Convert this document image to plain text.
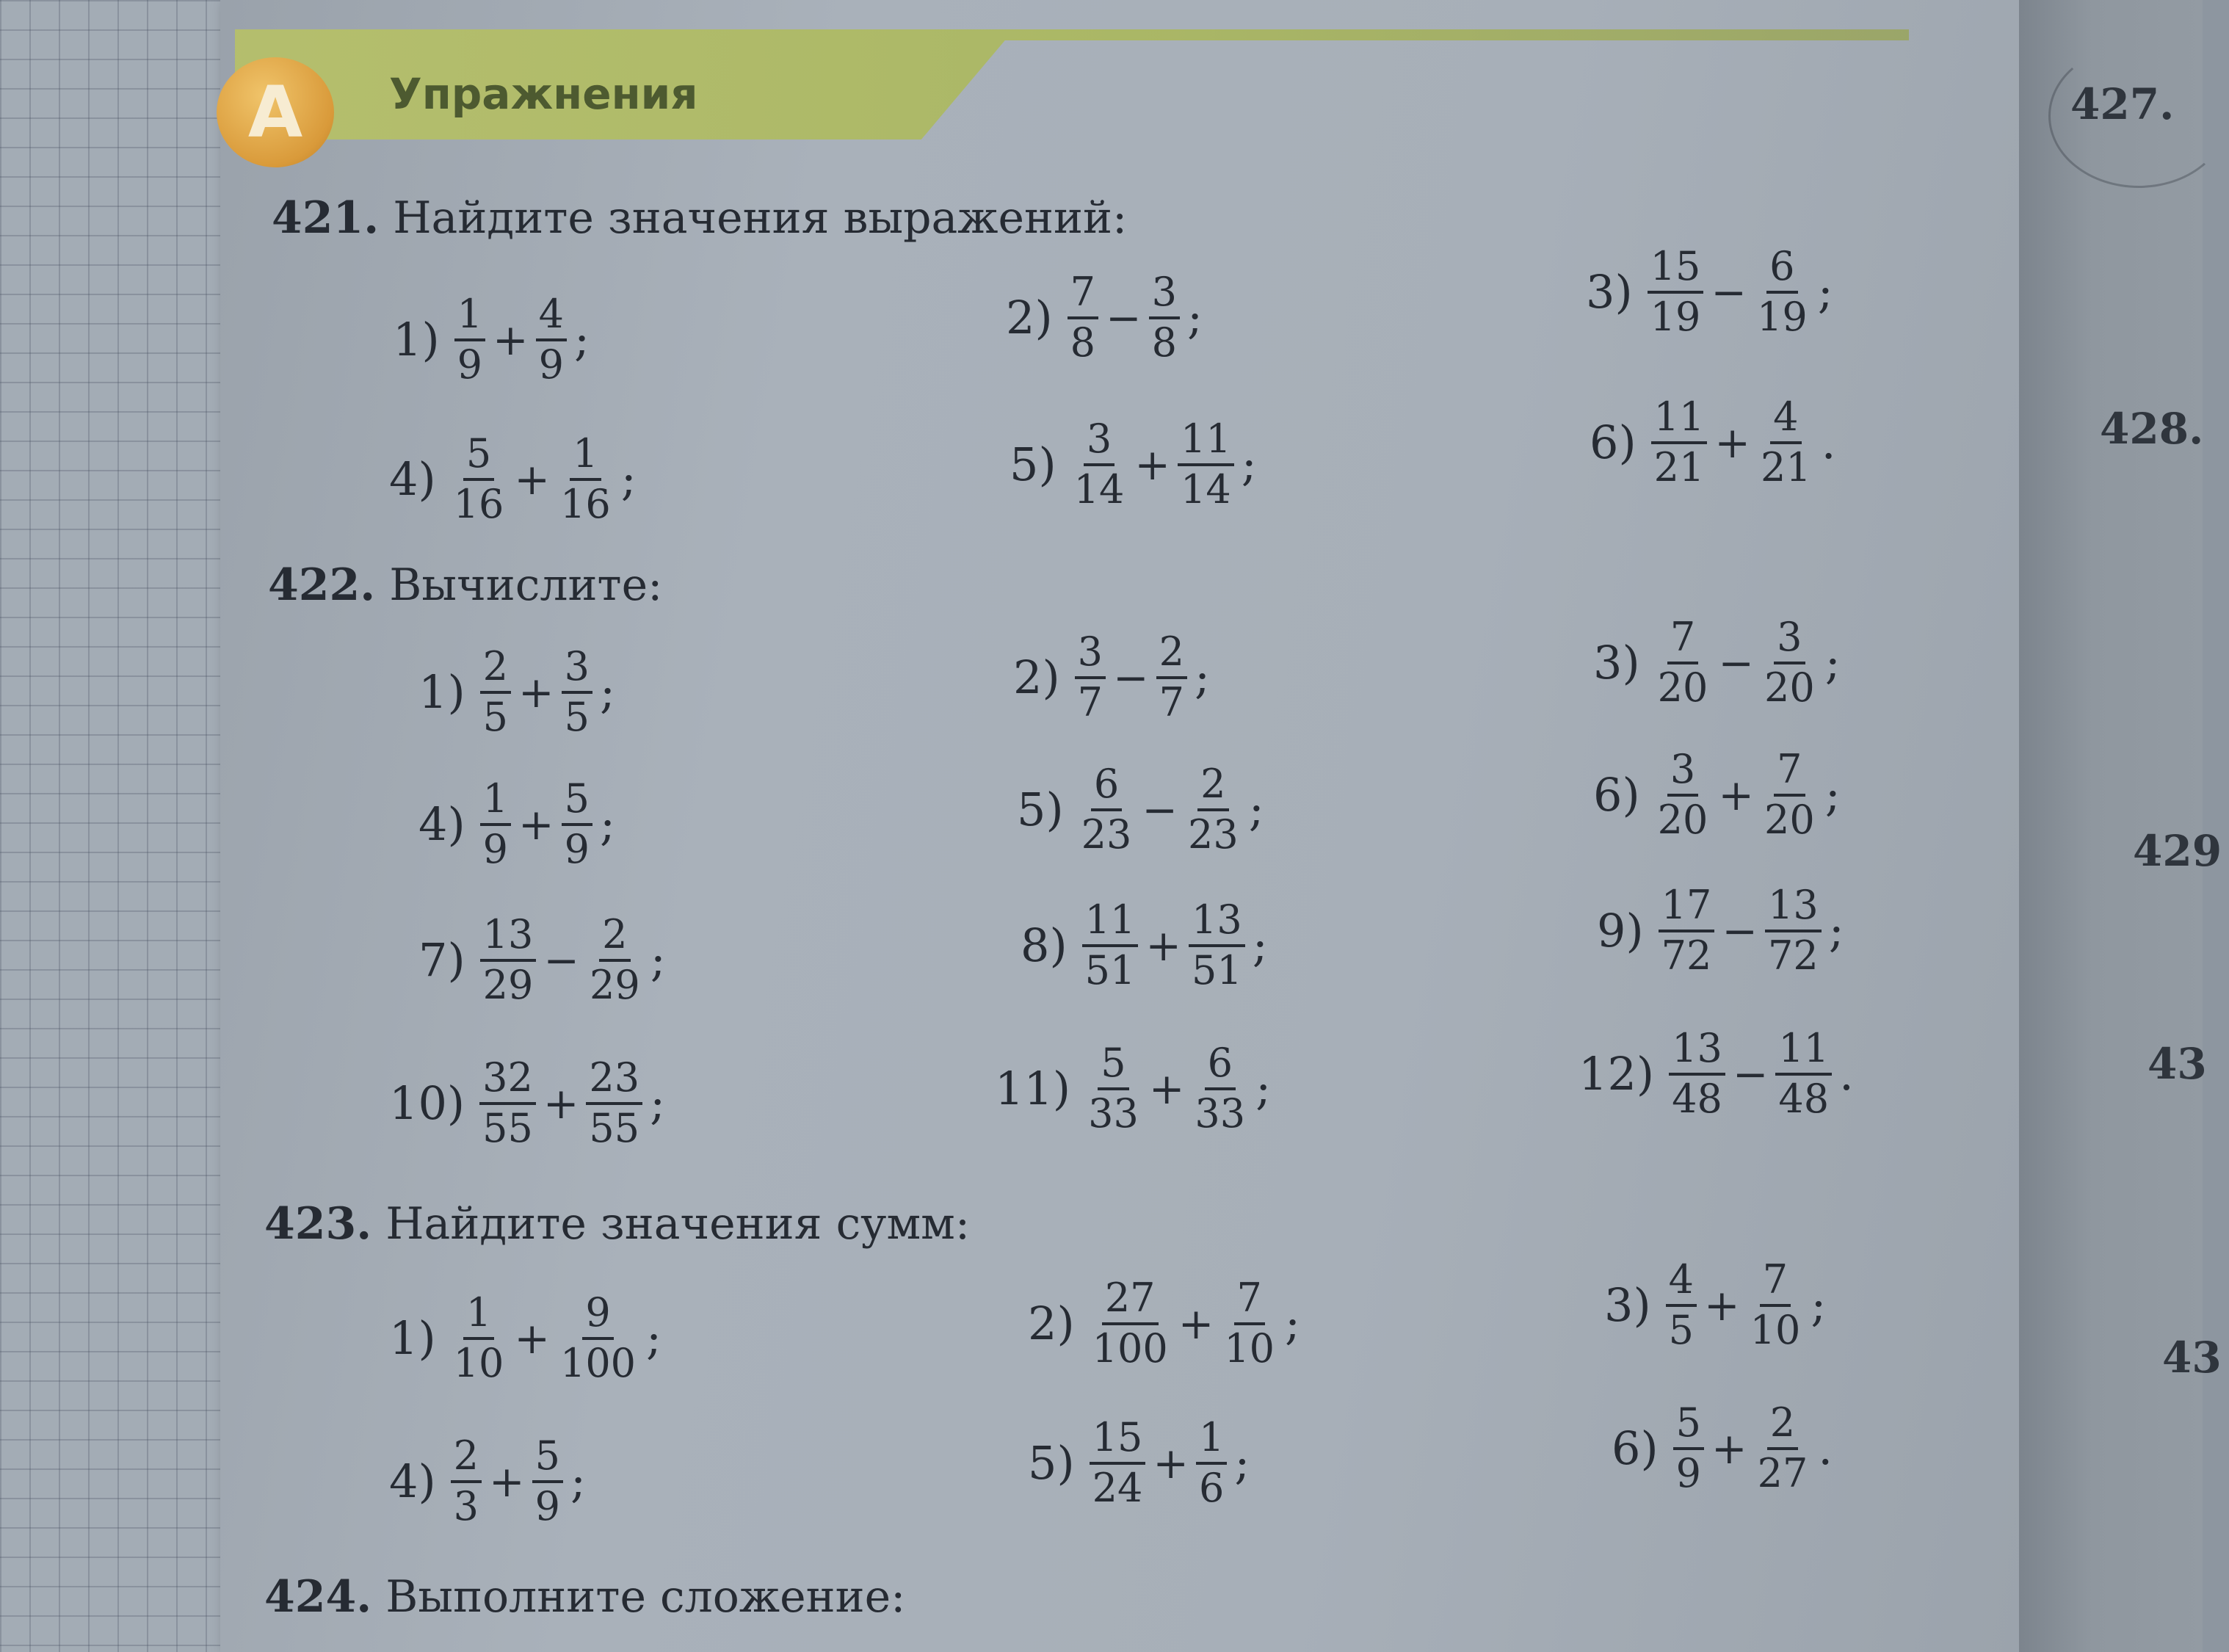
А	Упражнения
421. Найдите значения выражений:
422. Вычислите:
423. Найдите значения сумм:
424. Выполните сложение:
$1) \frac{1}{9} + \frac{4}{9}$ ;	$2) \frac{7}{8} - \frac{3}{8}$ ;	$3) \frac{15}{19} - \frac{6}{19}$ ;
$4) \frac{5}{16} + \frac{1}{16}$ ;	$5) \frac{3}{14} + \frac{11}{14}$ ;	$6) \frac{11}{21} + \frac{4}{21}$ .
$1) \frac{2}{5} + \frac{3}{5}$ ;	$2) \frac{3}{7} - \frac{2}{7}$ ;	$3) \frac{7}{20} - \frac{3}{20}$ ;
$4) \frac{1}{9} + \frac{5}{9}$ ;	$5) \frac{6}{23} - \frac{2}{23}$ ;	$6) \frac{3}{20} + \frac{7}{20}$ ;
$7) \frac{13}{29} - \frac{2}{29}$ ;	$8) \frac{11}{51} + \frac{13}{51}$ ;	$9) \frac{17}{72} - \frac{13}{72}$ ;
$10) \frac{32}{55} + \frac{23}{55}$ ;	$11) \frac{5}{33} + \frac{6}{33}$ ;	$12) \frac{13}{48} - \frac{11}{48}$ .
$1) \frac{1}{10} + \frac{9}{100}$ ;	$2) \frac{27}{100} + \frac{7}{10}$ ;	$3) \frac{4}{5} + \frac{7}{10}$ ;
$4) \frac{2}{3} + \frac{5}{9}$ ;	$5) \frac{15}{24} + \frac{1}{6}$ ;	$6) \frac{5}{9} + \frac{2}{27}$ .
427.
428.
429
43
43
